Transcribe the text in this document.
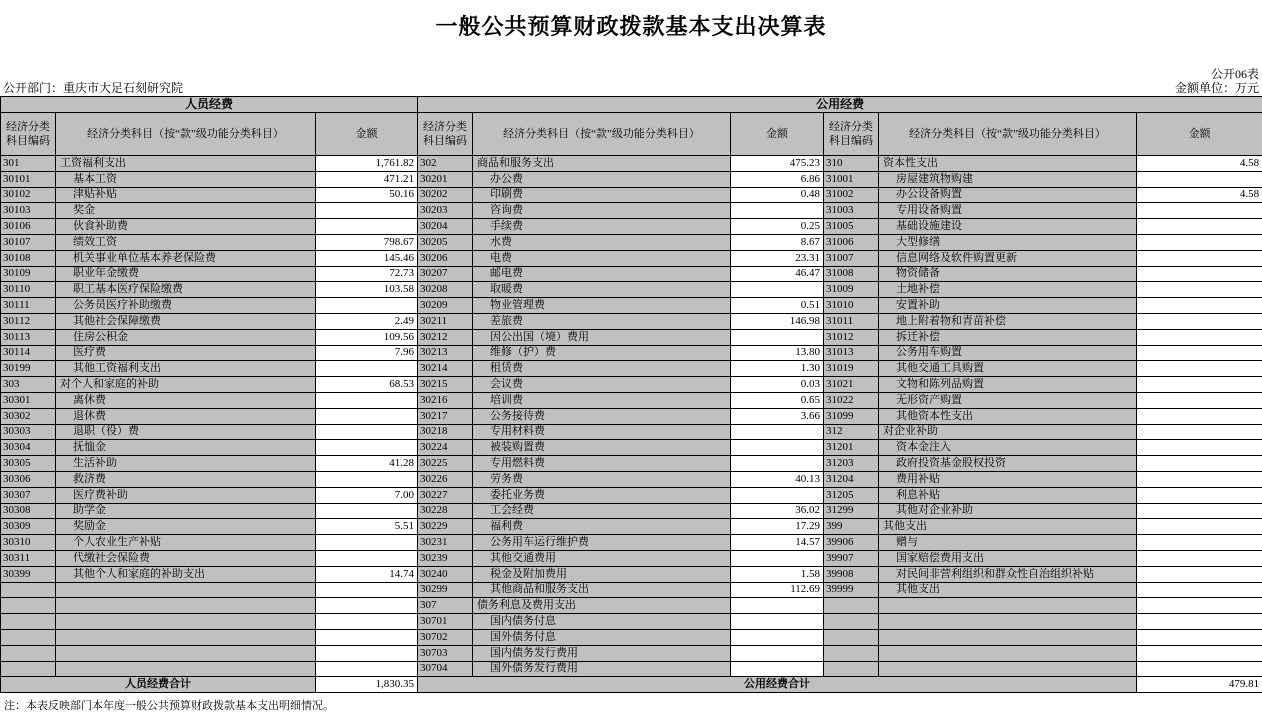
一般公共预算财政拨款基本支出决算表
公开06表
公开部门：重庆市大足石刻研究院	金额单位：万元
人员经费			公用经费					
经济分类科目编码	经济分类科目（按“款”级功能分类科目）	金额	经济分类科目编码	经济分类科目（按“款”级功能分类科目）	金额	经济分类科目编码	经济分类科目（按“款”级功能分类科目）	金额
301	工资福利支出	1,761.82	302	商品和服务支出	475.23	310	资本性支出	4.58
30101	基本工资	471.21	30201	办公费	6.86	31001	房屋建筑物购建	
30102	津贴补贴	50.16	30202	印刷费	0.48	31002	办公设备购置	4.58
30103	奖金		30203	咨询费		31003	专用设备购置	
30106	伙食补助费		30204	手续费	0.25	31005	基础设施建设	
30107	绩效工资	798.67	30205	水费	8.67	31006	大型修缮	
30108	机关事业单位基本养老保险费	145.46	30206	电费	23.31	31007	信息网络及软件购置更新	
30109	职业年金缴费	72.73	30207	邮电费	46.47	31008	物资储备	
30110	职工基本医疗保险缴费	103.58	30208	取暖费		31009	土地补偿	
30111	公务员医疗补助缴费		30209	物业管理费	0.51	31010	安置补助	
30112	其他社会保障缴费	2.49	30211	差旅费	146.98	31011	地上附着物和青苗补偿	
30113	住房公积金	109.56	30212	因公出国（境）费用		31012	拆迁补偿	
30114	医疗费	7.96	30213	维修（护）费	13.80	31013	公务用车购置	
30199	其他工资福利支出		30214	租赁费	1.30	31019	其他交通工具购置	
303	对个人和家庭的补助	68.53	30215	会议费	0.03	31021	文物和陈列品购置	
30301	离休费		30216	培训费	0.65	31022	无形资产购置	
30302	退休费		30217	公务接待费	3.66	31099	其他资本性支出	
30303	退职（役）费		30218	专用材料费		312	对企业补助	
30304	抚恤金		30224	被装购置费		31201	资本金注入	
30305	生活补助	41.28	30225	专用燃料费		31203	政府投资基金股权投资	
30306	救济费		30226	劳务费	40.13	31204	费用补贴	
30307	医疗费补助	7.00	30227	委托业务费		31205	利息补贴	
30308	助学金		30228	工会经费	36.02	31299	其他对企业补助	
30309	奖励金	5.51	30229	福利费	17.29	399	其他支出	
30310	个人农业生产补贴		30231	公务用车运行维护费	14.57	39906	赠与	
30311	代缴社会保险费		30239	其他交通费用		39907	国家赔偿费用支出	
30399	其他个人和家庭的补助支出	14.74	30240	税金及附加费用	1.58	39908	对民间非营利组织和群众性自治组织补贴	
			30299	其他商品和服务支出	112.69	39999	其他支出	
			307	债务利息及费用支出				
			30701	国内债务付息				
			30702	国外债务付息				
			30703	国内债务发行费用				
			30704	国外债务发行费用				
人员经费合计		1,830.35	公用经费合计					479.81
注：本表反映部门本年度一般公共预算财政拨款基本支出明细情况。
